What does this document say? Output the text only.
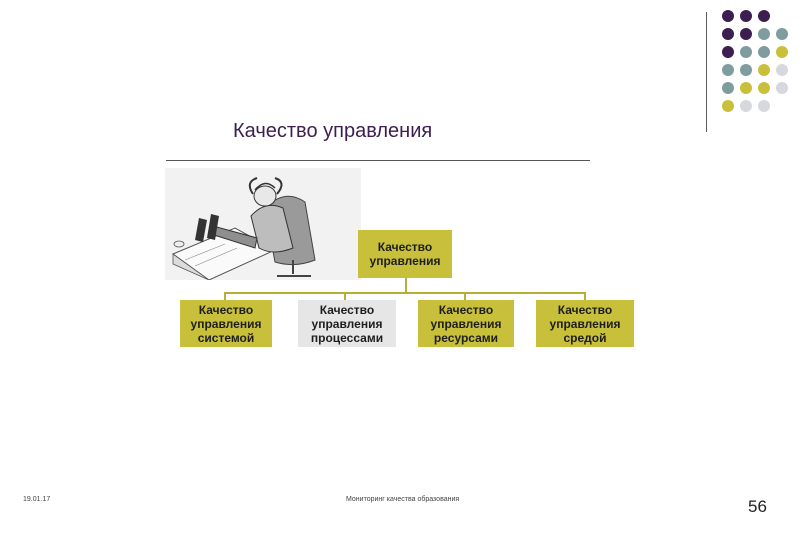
Качество управления
Качество
управления
Качество
управления
системой
Качество
управления
процессами
Качество
управления
ресурсами
Качество
управления
средой
19.01.17	Мониторинг качества образования	56
